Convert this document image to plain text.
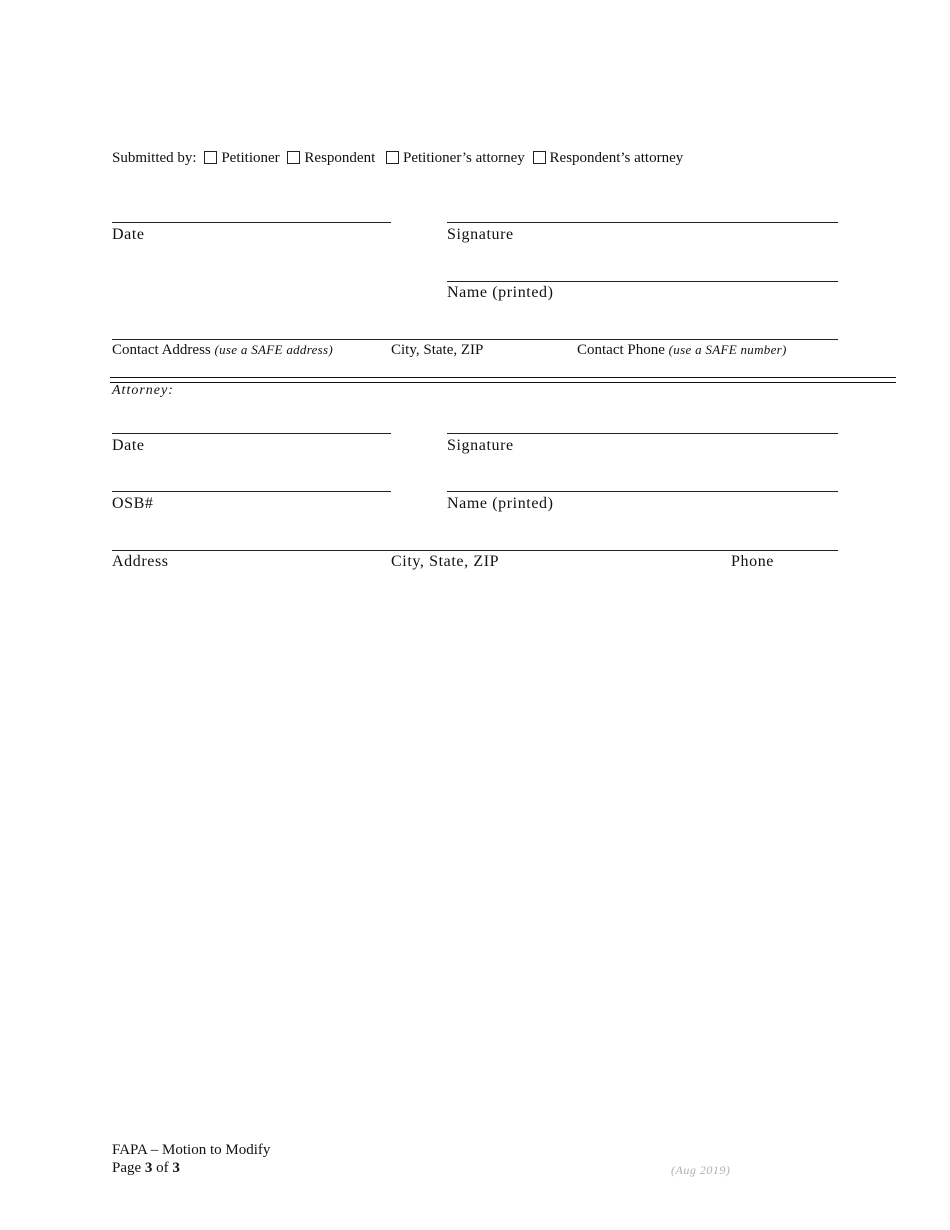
Submitted by: Petitioner Respondent Petitioner’s attorney Respondent’s attorney
Date	Signature
Name (printed)
Contact Address (use a SAFE address)	City, State, ZIP	Contact Phone (use a SAFE number)
Attorney:
Date	Signature
OSB#	Name (printed)
Address	City, State, ZIP	Phone
FAPA – Motion to Modify
Page 3 of 3	(Aug 2019)
